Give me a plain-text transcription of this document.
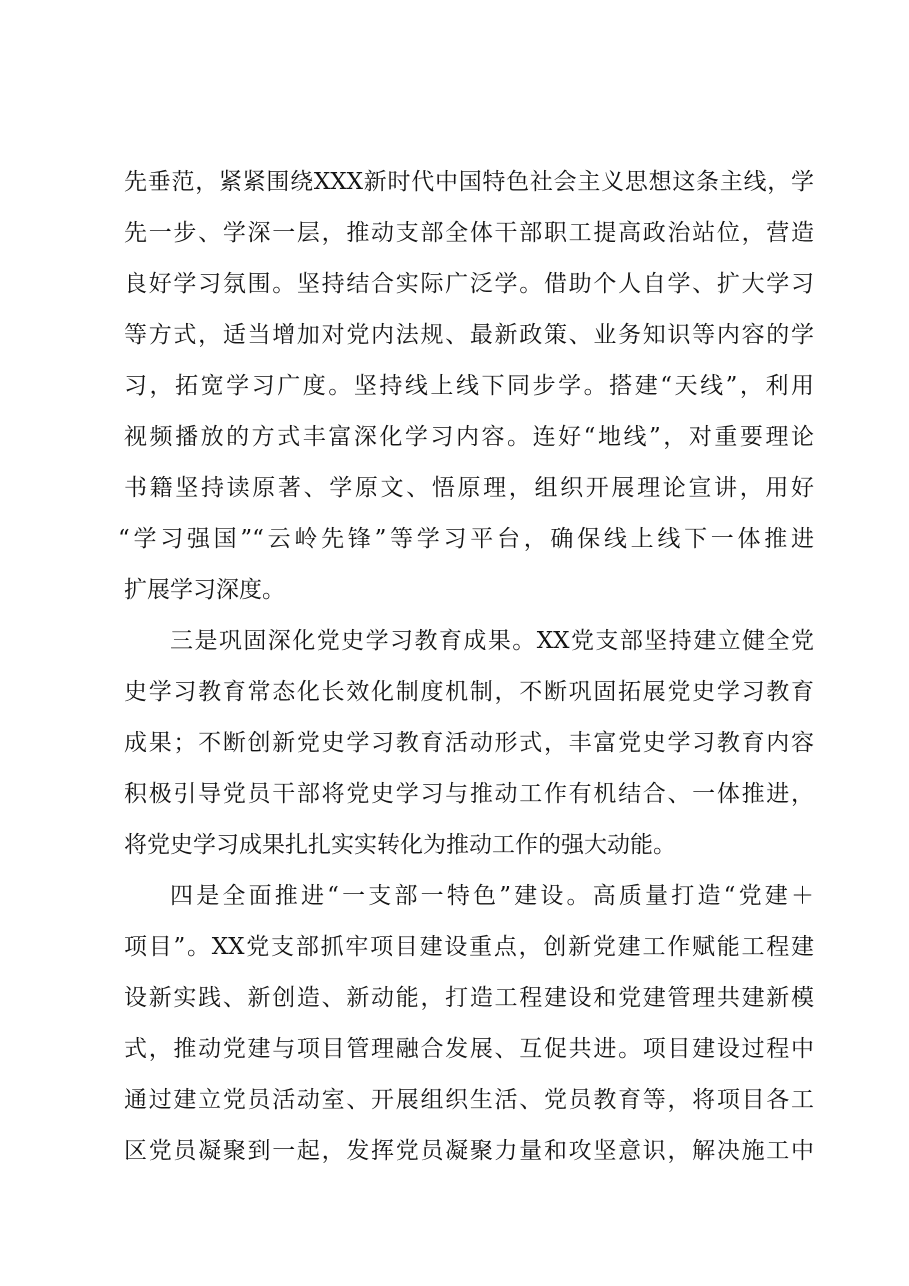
先垂范，紧紧围绕XXX新时代中国特色社会主义思想这条主线，学
先一步、学深一层，推动支部全体干部职工提高政治站位，营造
良好学习氛围。坚持结合实际广泛学。借助个人自学、扩大学习
等方式，适当增加对党内法规、最新政策、业务知识等内容的学
习，拓宽学习广度。坚持线上线下同步学。搭建“天线”，利用
视频播放的方式丰富深化学习内容。连好“地线”，对重要理论
书籍坚持读原著、学原文、悟原理，组织开展理论宣讲，用好
“学习强国”“云岭先锋”等学习平台，确保线上线下一体推进
扩展学习深度。
三是巩固深化党史学习教育成果。XX党支部坚持建立健全党
史学习教育常态化长效化制度机制，不断巩固拓展党史学习教育
成果；不断创新党史学习教育活动形式，丰富党史学习教育内容
积极引导党员干部将党史学习与推动工作有机结合、一体推进，
将党史学习成果扎扎实实转化为推动工作的强大动能。
四是全面推进“一支部一特色”建设。高质量打造“党建＋
项目”。XX党支部抓牢项目建设重点，创新党建工作赋能工程建
设新实践、新创造、新动能，打造工程建设和党建管理共建新模
式，推动党建与项目管理融合发展、互促共进。项目建设过程中
通过建立党员活动室、开展组织生活、党员教育等，将项目各工
区党员凝聚到一起，发挥党员凝聚力量和攻坚意识，解决施工中
